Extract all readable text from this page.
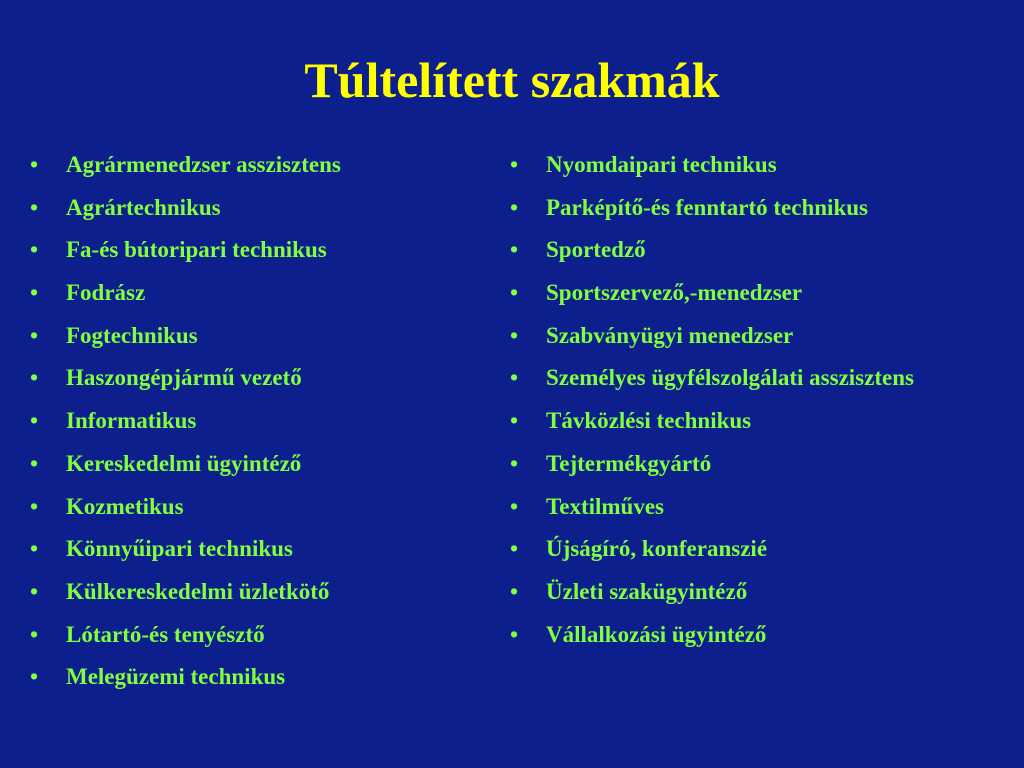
Túltelített szakmák
•	Agrármenedzser asszisztens
•	Agrártechnikus
•	Fa-és bútoripari technikus
•	Fodrász
•	Fogtechnikus
•	Haszongépjármű vezető
•	Informatikus
•	Kereskedelmi ügyintéző
•	Kozmetikus
•	Könnyűipari technikus
•	Külkereskedelmi üzletkötő
•	Lótartó-és tenyésztő
•	Melegüzemi technikus
•	Nyomdaipari technikus
•	Parképítő-és fenntartó technikus
•	Sportedző
•	Sportszervező,-menedzser
•	Szabványügyi menedzser
•	Személyes ügyfélszolgálati asszisztens
•	Távközlési technikus
•	Tejtermékgyártó
•	Textilműves
•	Újságíró, konferanszié
•	Üzleti szakügyintéző
•	Vállalkozási ügyintéző
